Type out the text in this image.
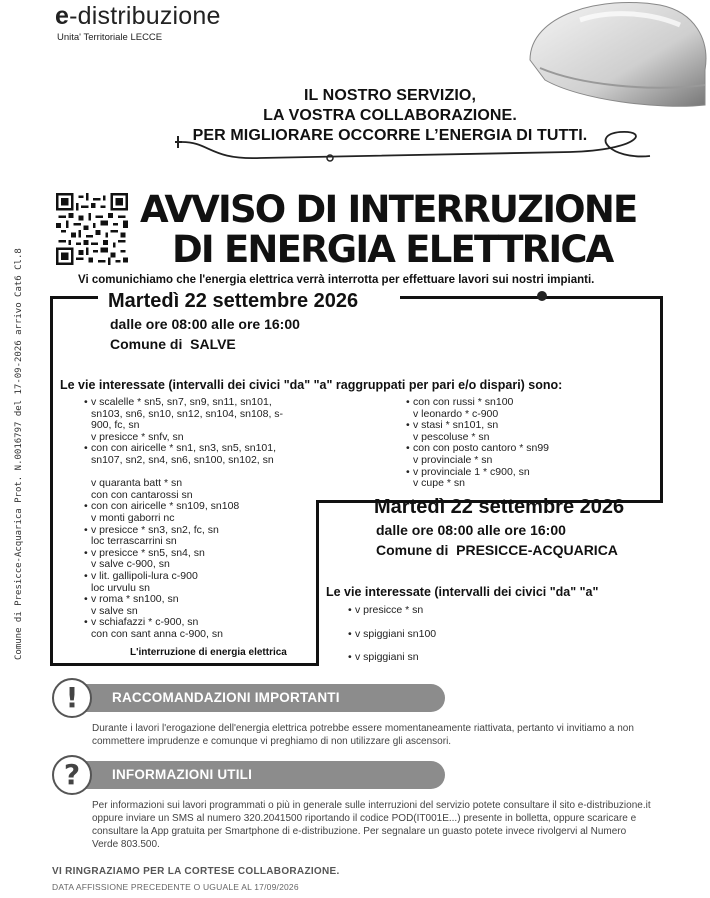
Comune di Presicce-Acquarica Prot. N.0016797 del 17-09-2026 arrivo Cat6 Cl.8
e-distribuzione
Unita' Territoriale LECCE
IL NOSTRO SERVIZIO,
LA VOSTRA COLLABORAZIONE.
PER MIGLIORARE OCCORRE L’ENERGIA DI TUTTI.
AVVISO DI INTERRUZIONE
DI ENERGIA ELETTRICA
Vi comunichiamo che l'energia elettrica verrà interrotta per effettuare lavori sui nostri impianti.
Martedì 22 settembre 2026
dalle ore 08:00 alle ore 16:00
Comune di SALVE
Le vie interessate (intervalli dei civici "da" "a" raggruppati per pari e/o dispari) sono:
• v scalelle * sn5, sn7, sn9, sn11, sn101,
sn103, sn6, sn10, sn12, sn104, sn108, s-
900, fc, sn
v presicce * snfv, sn
• con con airicelle * sn1, sn3, sn5, sn101,
sn107, sn2, sn4, sn6, sn100, sn102, sn
v quaranta batt * sn
con con cantarossi sn
• con con airicelle * sn109, sn108
v monti gaborri nc
• v presicce * sn3, sn2, fc, sn
loc terrascarrini sn
• v presicce * sn5, sn4, sn
v salve c-900, sn
• v lit. gallipoli-lura c-900
loc urvulu sn
• v roma * sn100, sn
v salve sn
• v schiafazzi * c-900, sn
con con sant anna c-900, sn
• con con russi * sn100
v leonardo * c-900
• v stasi * sn101, sn
v pescoluse * sn
• con con posto cantoro * sn99
v provinciale * sn
• v provinciale 1 * c900, sn
v cupe * sn
L'interruzione di energia elettrica
Martedì 22 settembre 2026
dalle ore 08:00 alle ore 16:00
Comune di PRESICCE-ACQUARICA
Le vie interessate (intervalli dei civici "da" "a"
• v presicce * sn
• v spiggiani sn100
• v spiggiani sn
RACCOMANDAZIONI IMPORTANTI
!
Durante i lavori l'erogazione dell'energia elettrica potrebbe essere momentaneamente riattivata, pertanto vi invitiamo a non commettere imprudenze e comunque vi preghiamo di non utilizzare gli ascensori.
INFORMAZIONI UTILI
?
Per informazioni sui lavori programmati o più in generale sulle interruzioni del servizio potete consultare il sito e-distribuzione.it oppure inviare un SMS al numero 320.2041500 riportando il codice POD(IT001E...) presente in bolletta, oppure scaricare e consultare la App gratuita per Smartphone di e-distribuzione. Per segnalare un guasto potete invece rivolgervi al Numero Verde 803.500.
VI RINGRAZIAMO PER LA CORTESE COLLABORAZIONE.
DATA AFFISSIONE PRECEDENTE O UGUALE AL 17/09/2026
